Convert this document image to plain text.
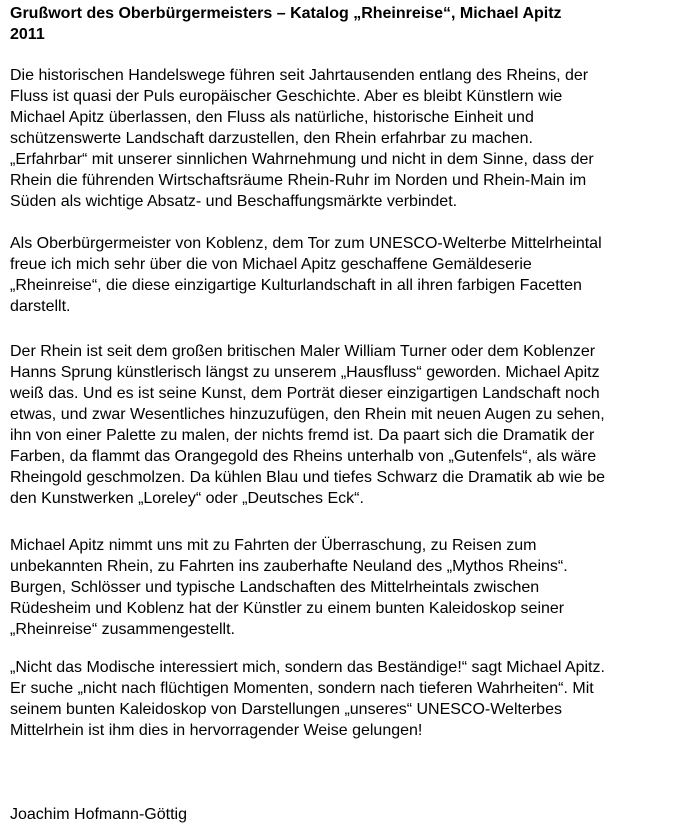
Grußwort des Oberbürgermeisters – Katalog „Rheinreise“, Michael Apitz
2011

Die historischen Handelswege führen seit Jahrtausenden entlang des Rheins, der
Fluss ist quasi der Puls europäischer Geschichte. Aber es bleibt Künstlern wie
Michael Apitz überlassen, den Fluss als natürliche, historische Einheit und
schützenswerte Landschaft darzustellen, den Rhein erfahrbar zu machen.
„Erfahrbar“ mit unserer sinnlichen Wahrnehmung und nicht in dem Sinne, dass der
Rhein die führenden Wirtschaftsräume Rhein-Ruhr im Norden und Rhein-Main im
Süden als wichtige Absatz- und Beschaffungsmärkte verbindet.

Als Oberbürgermeister von Koblenz, dem Tor zum UNESCO-Welterbe Mittelrheintal
freue ich mich sehr über die von Michael Apitz geschaffene Gemäldeserie
„Rheinreise“, die diese einzigartige Kulturlandschaft in all ihren farbigen Facetten
darstellt.

Der Rhein ist seit dem großen britischen Maler William Turner oder dem Koblenzer
Hanns Sprung künstlerisch längst zu unserem „Hausfluss“ geworden. Michael Apitz
weiß das. Und es ist seine Kunst, dem Porträt dieser einzigartigen Landschaft noch
etwas, und zwar Wesentliches hinzuzufügen, den Rhein mit neuen Augen zu sehen,
ihn von einer Palette zu malen, der nichts fremd ist. Da paart sich die Dramatik der
Farben, da flammt das Orangegold des Rheins unterhalb von „Gutenfels“, als wäre
Rheingold geschmolzen. Da kühlen Blau und tiefes Schwarz die Dramatik ab wie be
den Kunstwerken „Loreley“ oder „Deutsches Eck“.

Michael Apitz nimmt uns mit zu Fahrten der Überraschung, zu Reisen zum
unbekannten Rhein, zu Fahrten ins zauberhafte Neuland des „Mythos Rheins“.
Burgen, Schlösser und typische Landschaften des Mittelrheintals zwischen
Rüdesheim und Koblenz hat der Künstler zu einem bunten Kaleidoskop seiner
„Rheinreise“ zusammengestellt.

„Nicht das Modische interessiert mich, sondern das Beständige!“ sagt Michael Apitz.
Er suche „nicht nach flüchtigen Momenten, sondern nach tieferen Wahrheiten“. Mit
seinem bunten Kaleidoskop von Darstellungen „unseres“ UNESCO-Welterbes
Mittelrhein ist ihm dies in hervorragender Weise gelungen!

Joachim Hofmann-Göttig
